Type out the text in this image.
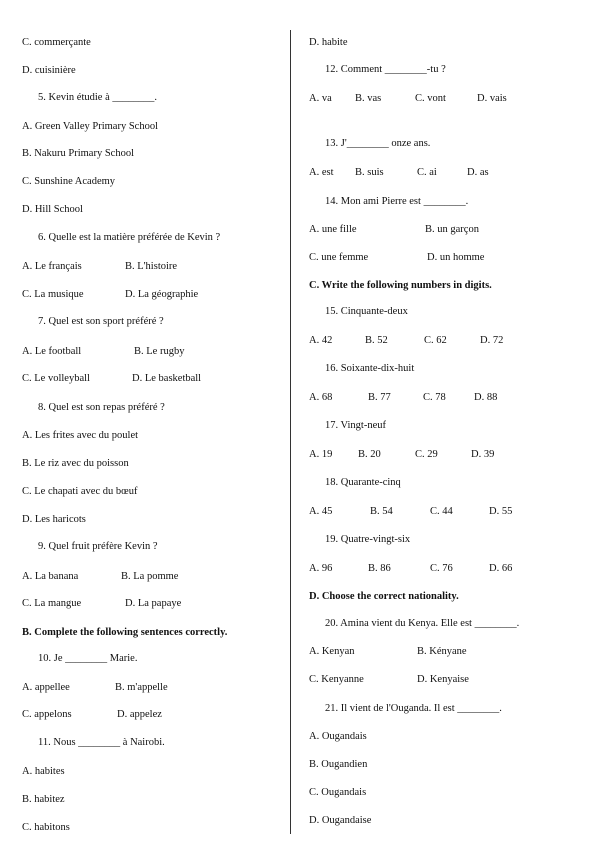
C. commerçante
D. cuisinière
5. Kevin étudie à ________.
A. Green Valley Primary School
B. Nakuru Primary School
C. Sunshine Academy
D. Hill School
6. Quelle est la matière préférée de Kevin ?
A. Le français	B. L'histoire
C. La musique	D. La géographie
7. Quel est son sport préféré ?
A. Le football	B. Le rugby
C. Le volleyball	D. Le basketball
8. Quel est son repas préféré ?
A. Les frites avec du poulet
B. Le riz avec du poisson
C. Le chapati avec du bœuf
D. Les haricots
9. Quel fruit préfère Kevin ?
A. La banana	B. La pomme
C. La mangue	D. La papaye
B. Complete the following sentences correctly.
10. Je ________ Marie.
A. appellee	B. m'appelle
C. appelons	D. appelez
11. Nous ________ à Nairobi.
A. habites
B. habitez
C. habitons
D. habite
12. Comment ________-tu ?
A. va B. vas	C. vont	D. vais
13. J'________ onze ans.
A. est B. suis	C. ai	D. as
14. Mon ami Pierre est ________.
A. une fille	B. un garçon
C. une femme	D. un homme
C. Write the following numbers in digits.
15. Cinquante-deux
A. 42	B. 52	C. 62	D. 72
16. Soixante-dix-huit
A. 68	B. 77	C. 78	D. 88
17. Vingt-neuf
A. 19 B. 20	C. 29	D. 39
18. Quarante-cinq
A. 45	B. 54	C. 44	D. 55
19. Quatre-vingt-six
A. 96	B. 86	C. 76	D. 66
D. Choose the correct nationality.
20. Amina vient du Kenya. Elle est ________.
A. Kenyan	B. Kényane
C. Kenyanne	D. Kenyaise
21. Il vient de l'Ouganda. Il est ________.
A. Ougandais
B. Ougandien
C. Ougandais
D. Ougandaise
